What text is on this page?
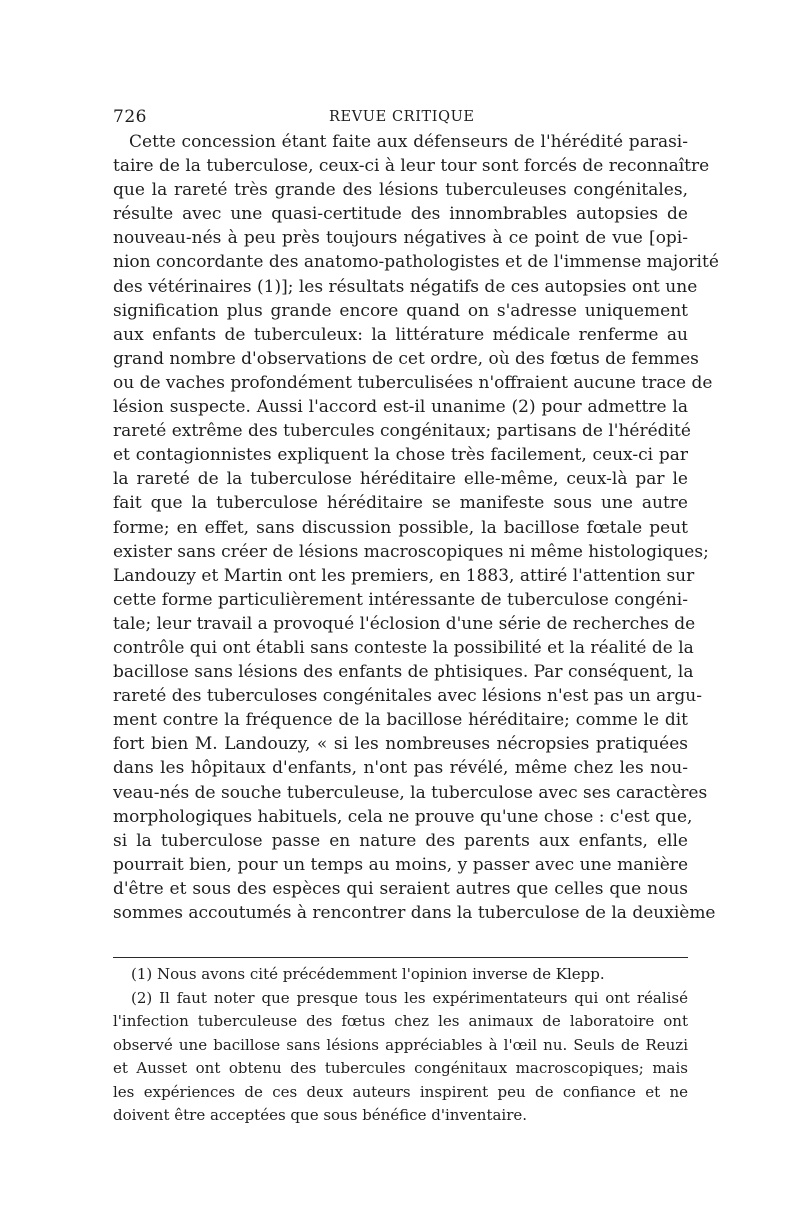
726	REVUE CRITIQUE
Cette concession étant faite aux défenseurs de l'hérédité parasi-
taire de la tuberculose, ceux-ci à leur tour sont forcés de reconnaître
que la rareté très grande des lésions tuberculeuses congénitales,
résulte avec une quasi-certitude des innombrables autopsies de
nouveau-nés à peu près toujours négatives à ce point de vue [opi-
nion concordante des anatomo-pathologistes et de l'immense majorité
des vétérinaires (1)]; les résultats négatifs de ces autopsies ont une
signification plus grande encore quand on s'adresse uniquement
aux enfants de tuberculeux: la littérature médicale renferme au
grand nombre d'observations de cet ordre, où des fœtus de femmes
ou de vaches profondément tuberculisées n'offraient aucune trace de
lésion suspecte. Aussi l'accord est-il unanime (2) pour admettre la
rareté extrême des tubercules congénitaux; partisans de l'hérédité
et contagionnistes expliquent la chose très facilement, ceux-ci par
la rareté de la tuberculose héréditaire elle-même, ceux-là par le
fait que la tuberculose héréditaire se manifeste sous une autre
forme; en effet, sans discussion possible, la bacillose fœtale peut
exister sans créer de lésions macroscopiques ni même histologiques;
Landouzy et Martin ont les premiers, en 1883, attiré l'attention sur
cette forme particulièrement intéressante de tuberculose congéni-
tale; leur travail a provoqué l'éclosion d'une série de recherches de
contrôle qui ont établi sans conteste la possibilité et la réalité de la
bacillose sans lésions des enfants de phtisiques. Par conséquent, la
rareté des tuberculoses congénitales avec lésions n'est pas un argu-
ment contre la fréquence de la bacillose héréditaire; comme le dit
fort bien M. Landouzy, « si les nombreuses nécropsies pratiquées
dans les hôpitaux d'enfants, n'ont pas révélé, même chez les nou-
veau-nés de souche tuberculeuse, la tuberculose avec ses caractères
morphologiques habituels, cela ne prouve qu'une chose : c'est que,
si la tuberculose passe en nature des parents aux enfants, elle
pourrait bien, pour un temps au moins, y passer avec une manière
d'être et sous des espèces qui seraient autres que celles que nous
sommes accoutumés à rencontrer dans la tuberculose de la deuxième
(1) Nous avons cité précédemment l'opinion inverse de Klepp.
(2) Il faut noter que presque tous les expérimentateurs qui ont réalisé
l'infection tuberculeuse des fœtus chez les animaux de laboratoire ont
observé une bacillose sans lésions appréciables à l'œil nu. Seuls de Reuzi
et Ausset ont obtenu des tubercules congénitaux macroscopiques; mais
les expériences de ces deux auteurs inspirent peu de confiance et ne
doivent être acceptées que sous bénéfice d'inventaire.
